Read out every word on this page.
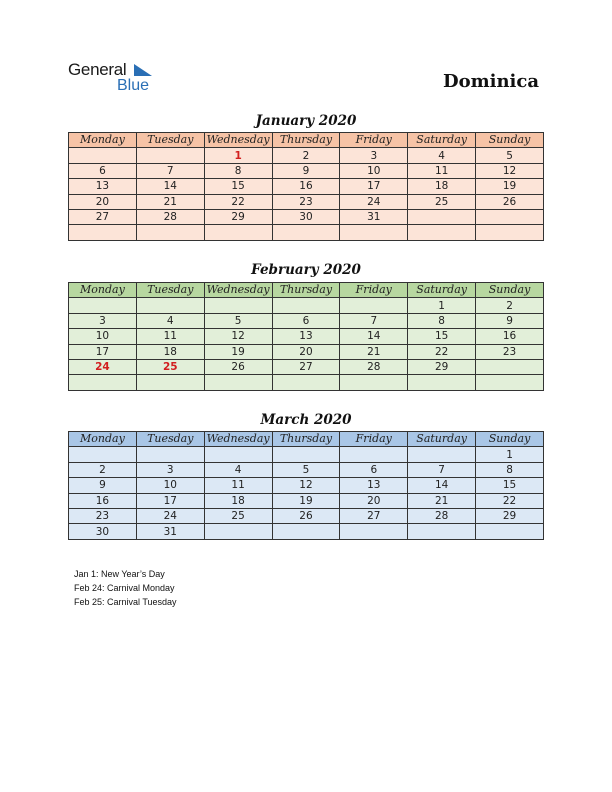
General
Blue	Dominica
January 2020
Monday	Tuesday	Wednesday	Thursday	Friday	Saturday	Sunday
		1	2	3	4	5
6	7	8	9	10	11	12
13	14	15	16	17	18	19
20	21	22	23	24	25	26
27	28	29	30	31		

February 2020
Monday	Tuesday	Wednesday	Thursday	Friday	Saturday	Sunday
					1	2
3	4	5	6	7	8	9
10	11	12	13	14	15	16
17	18	19	20	21	22	23
24	25	26	27	28	29	

March 2020
Monday	Tuesday	Wednesday	Thursday	Friday	Saturday	Sunday
						1
2	3	4	5	6	7	8
9	10	11	12	13	14	15
16	17	18	19	20	21	22
23	24	25	26	27	28	29
30	31					
Jan 1: New Year’s Day
Feb 24: Carnival Monday
Feb 25: Carnival Tuesday
